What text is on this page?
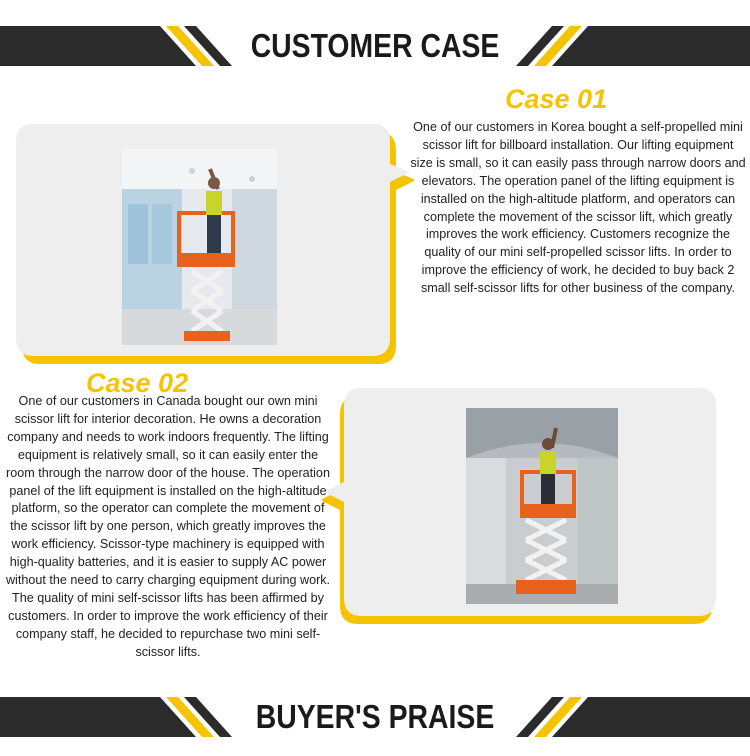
CUSTOMER CASE
Case 01

One of our customers in Korea bought a self-propelled mini scissor lift for billboard installation. Our lifting equipment size is small, so it can easily pass through narrow doors and elevators. The operation panel of the lifting equipment is installed on the high-altitude platform, and operators can complete the movement of the scissor lift, which greatly improves the work efficiency. Customers recognize the quality of our mini self-propelled scissor lifts. In order to improve the efficiency of work, he decided to buy back 2 small self-scissor lifts for other business of the company.

Case 02

One of our customers in Canada bought our own mini scissor lift for interior decoration. He owns a decoration company and needs to work indoors frequently. The lifting equipment is relatively small, so it can easily enter the room through the narrow door of the house. The operation panel of the lift equipment is installed on the high-altitude platform, so the operator can complete the movement of the scissor lift by one person, which greatly improves the work efficiency. Scissor-type machinery is equipped with high-quality batteries, and it is easier to supply AC power without the need to carry charging equipment during work. The quality of mini self-scissor lifts has been affirmed by customers. In order to improve the work efficiency of their company staff, he decided to repurchase two mini self-scissor lifts.

BUYER'S PRAISE
